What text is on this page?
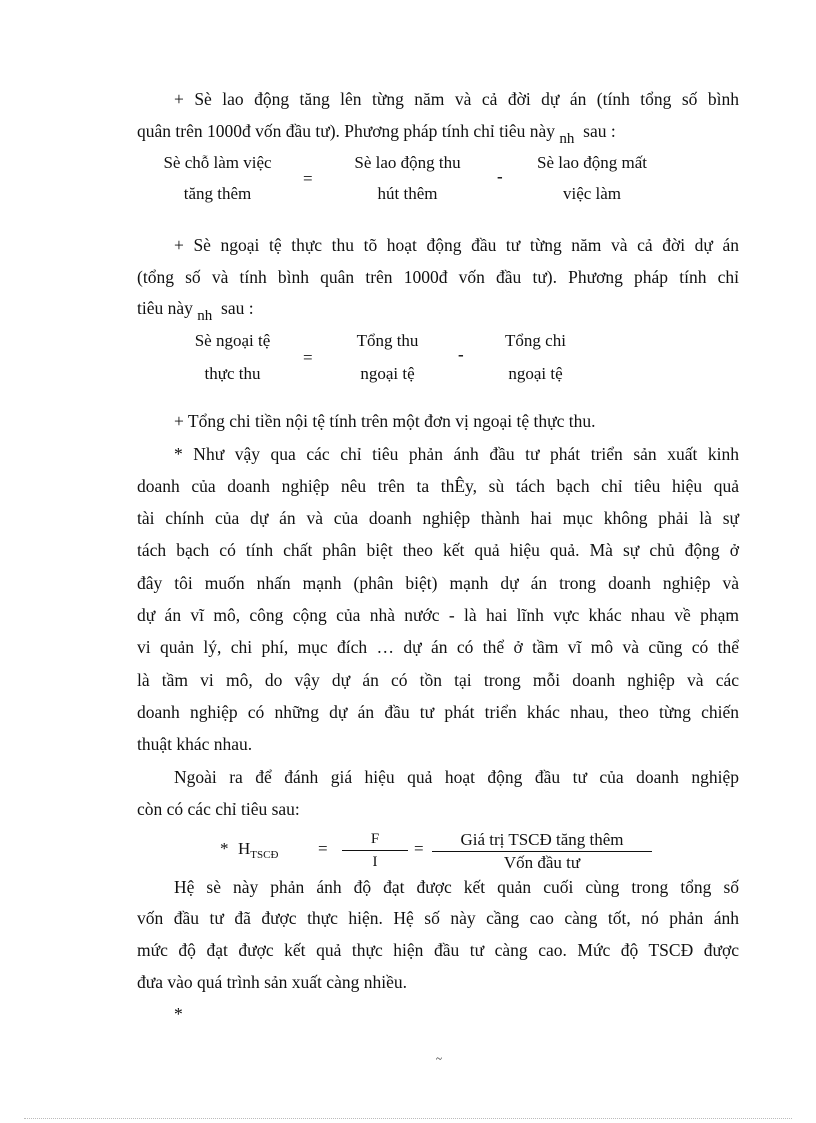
+ Sè lao động tăng lên từng năm và cả đời dự án (tính tổng số bình
quân trên 1000đ vốn đầu tư). Phương pháp tính chỉ tiêu này nh sau :
Sè chỗ làm việc
tăng thêm
=
Sè lao động thu
hút thêm
-
Sè lao động mất
việc làm
+ Sè ngoại tệ thực thu tõ hoạt động đầu tư từng năm và cả đời dự án
(tổng số và tính bình quân trên 1000đ vốn đầu tư). Phương pháp tính chỉ
tiêu này nh sau :
Sè ngoại tệ
thực thu
=
Tổng thu
ngoại tệ
-
Tổng chi
ngoại tệ
+ Tổng chi tiền nội tệ tính trên một đơn vị ngoại tệ thực thu.
* Như vậy qua các chỉ tiêu phản ánh đầu tư phát triển sản xuất kinh
doanh của doanh nghiệp nêu trên ta thÊy, sù tách bạch chỉ tiêu hiệu quả
tài chính của dự án và của doanh nghiệp thành hai mục không phải là sự
tách bạch có tính chất phân biệt theo kết quả hiệu quả. Mà sự chủ động ở
đây tôi muốn nhấn mạnh (phân biệt) mạnh dự án trong doanh nghiệp và
dự án vĩ mô, công cộng của nhà nước - là hai lĩnh vực khác nhau về phạm
vi quản lý, chi phí, mục đích … dự án có thể ở tầm vĩ mô và cũng có thể
là tầm vi mô, do vậy dự án có tồn tại trong mỗi doanh nghiệp và các
doanh nghiệp có những dự án đầu tư phát triển khác nhau, theo từng chiến
thuật khác nhau.
Ngoài ra để đánh giá hiệu quả hoạt động đầu tư của doanh nghiệp
còn có các chỉ tiêu sau:
* $H_{TSCĐ}$ =	F
I
=	Giá trị TSCĐ tăng thêm
Vốn đầu tư
Hệ sè này phản ánh độ đạt được kết quản cuối cùng trong tổng số
vốn đầu tư đã được thực hiện. Hệ số này cầng cao càng tốt, nó phản ánh
mức độ đạt được kết quả thực hiện đầu tư càng cao. Mức độ TSCĐ được
đưa vào quá trình sản xuất càng nhiều.
*
~
